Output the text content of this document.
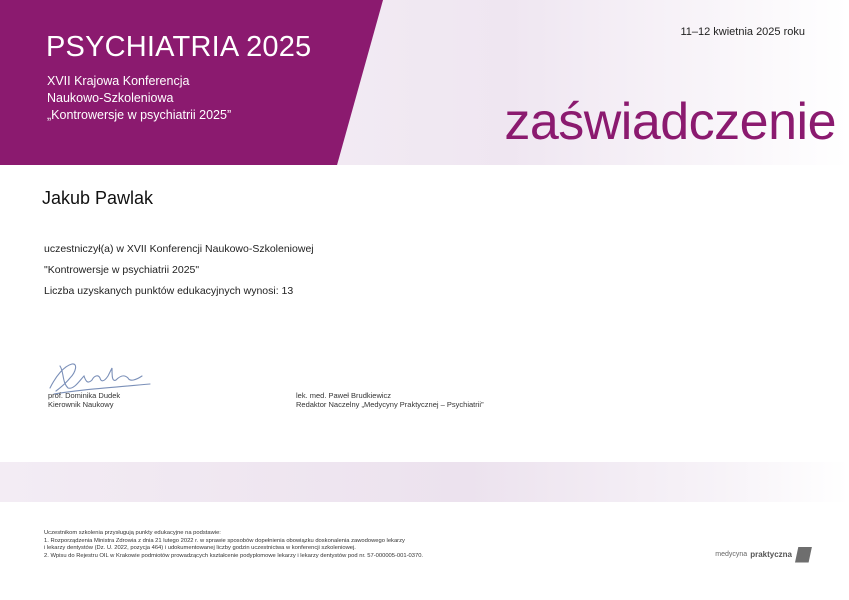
PSYCHIATRIA 2025
XVII Krajowa Konferencja
Naukowo-Szkoleniowa
„Kontrowersje w psychiatrii 2025”
11–12 kwietnia 2025 roku
zaświadczenie
Jakub Pawlak
uczestniczył(a) w XVII Konferencji Naukowo-Szkoleniowej
"Kontrowersje w psychiatrii 2025"
Liczba uzyskanych punktów edukacyjnych wynosi: 13
prof. Dominika Dudek
Kierownik Naukowy
lek. med. Paweł Brudkiewicz
Redaktor Naczelny „Medycyny Praktycznej – Psychiatrii”
Uczestnikom szkolenia przysługują punkty edukacyjne na podstawie:
1. Rozporządzenia Ministra Zdrowia z dnia 21 lutego 2022 r. w sprawie sposobów dopełnienia obowiązku doskonalenia zawodowego lekarzy
i lekarzy dentystów (Dz. U. 2022, pozycja 464) i udokumentowanej liczby godzin uczestnictwa w konferencji szkoleniowej.
2. Wpisu do Rejestru OIL w Krakowie podmiotów prowadzących kształcenie podyplomowe lekarzy i lekarzy dentystów pod nr. 57-000005-001-0370.	medycyna praktyczna
